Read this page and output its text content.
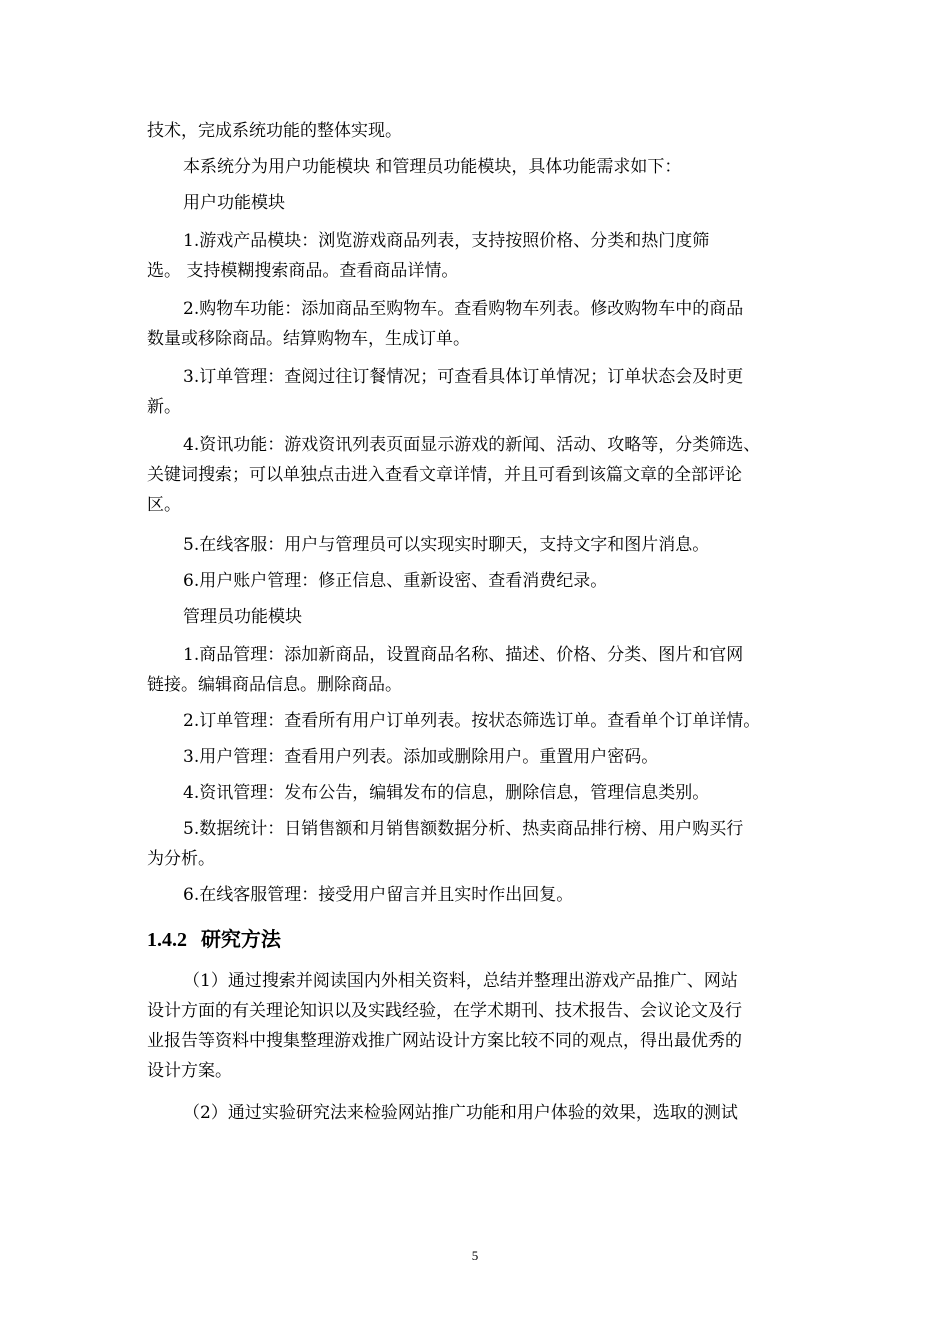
技术，完成系统功能的整体实现。

本系统分为用户功能模块 和管理员功能模块，具体功能需求如下：

用户功能模块

1.游戏产品模块：浏览游戏商品列表，支持按照价格、分类和热门度筛
选。 支持模糊搜索商品。查看商品详情。

2.购物车功能：添加商品至购物车。查看购物车列表。修改购物车中的商品
数量或移除商品。结算购物车，生成订单。

3.订单管理：查阅过往订餐情况；可查看具体订单情况；订单状态会及时更
新。

4.资讯功能：游戏资讯列表页面显示游戏的新闻、活动、攻略等，分类筛选、
关键词搜索；可以单独点击进入查看文章详情，并且可看到该篇文章的全部评论
区。

5.在线客服：用户与管理员可以实现实时聊天，支持文字和图片消息。

6.用户账户管理：修正信息、重新设密、查看消费纪录。

管理员功能模块

1.商品管理：添加新商品，设置商品名称、描述、价格、分类、图片和官网
链接。编辑商品信息。删除商品。

2.订单管理：查看所有用户订单列表。按状态筛选订单。查看单个订单详情。

3.用户管理：查看用户列表。添加或删除用户。重置用户密码。

4.资讯管理：发布公告，编辑发布的信息，删除信息，管理信息类别。

5.数据统计：日销售额和月销售额数据分析、热卖商品排行榜、用户购买行
为分析。

6.在线客服管理：接受用户留言并且实时作出回复。

1.4.2 研究方法

（1）通过搜索并阅读国内外相关资料，总结并整理出游戏产品推广、网站
设计方面的有关理论知识以及实践经验，在学术期刊、技术报告、会议论文及行
业报告等资料中搜集整理游戏推广网站设计方案比较不同的观点，得出最优秀的
设计方案。

（2）通过实验研究法来检验网站推广功能和用户体验的效果，选取的测试

5
